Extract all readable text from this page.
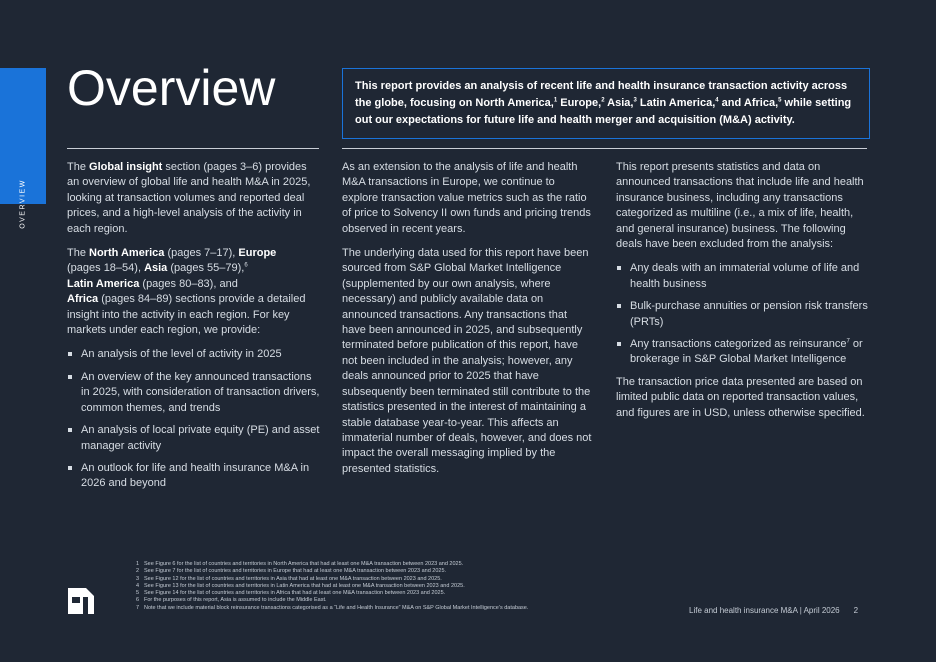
OVERVIEW
Overview	This report provides an analysis of recent life and health insurance transaction activity across the globe, focusing on North America,$^1$ Europe,$^2$ Asia,$^3$ Latin America,$^4$ and Africa,$^5$ while setting out our expectations for future life and health merger and acquisition (M&A) activity.

The Global insight section (pages 3–6) provides an overview of global life and health M&A in 2025, looking at transaction volumes and reported deal prices, and a high-level analysis of the activity in each region.

The North America (pages 7–17), Europe
(pages 18–54), Asia (pages 55–79),$^6$
Latin America (pages 80–83), and
Africa (pages 84–89) sections provide a detailed insight into the activity in each region. For key markets under each region, we provide:

An analysis of the level of activity in 2025
An overview of the key announced transactions in 2025, with consideration of transaction drivers, common themes, and trends
An analysis of local private equity (PE) and asset manager activity
An outlook for life and health insurance M&A in 2026 and beyond

As an extension to the analysis of life and health M&A transactions in Europe, we continue to explore transaction value metrics such as the ratio of price to Solvency II own funds and pricing trends observed in recent years.

The underlying data used for this report have been sourced from S&P Global Market Intelligence (supplemented by our own analysis, where necessary) and publicly available data on announced transactions. Any transactions that have been announced in 2025, and subsequently terminated before publication of this report, have not been included in the analysis; however, any deals announced prior to 2025 that have subsequently been terminated still contribute to the statistics presented in the interest of maintaining a stable database year-to-year. This affects an immaterial number of deals, however, and does not impact the overall messaging implied by the presented statistics.

This report presents statistics and data on announced transactions that include life and health insurance business, including any transactions categorized as multiline (i.e., a mix of life, health, and general insurance) business. The following deals have been excluded from the analysis:

Any deals with an immaterial volume of life and health business
Bulk-purchase annuities or pension risk transfers (PRTs)
Any transactions categorized as reinsurance$^7$ or brokerage in S&P Global Market Intelligence

The transaction price data presented are based on limited public data on reported transaction values, and figures are in USD, unless otherwise specified.

1 See Figure 6 for the list of countries and territories in North America that had at least one M&A transaction between 2023 and 2025.
2 See Figure 7 for the list of countries and territories in Europe that had at least one M&A transaction between 2023 and 2025.
3 See Figure 12 for the list of countries and territories in Asia that had at least one M&A transaction between 2023 and 2025.
4 See Figure 13 for the list of countries and territories in Latin America that had at least one M&A transaction between 2023 and 2025.
5 See Figure 14 for the list of countries and territories in Africa that had at least one M&A transaction between 2023 and 2025.
6 For the purposes of this report, Asia is assumed to include the Middle East.
7 Note that we include material block reinsurance transactions categorised as a “Life and Health Insurance” M&A on S&P Global Market Intelligence’s database.	Life and health insurance M&A | April 2026 2
